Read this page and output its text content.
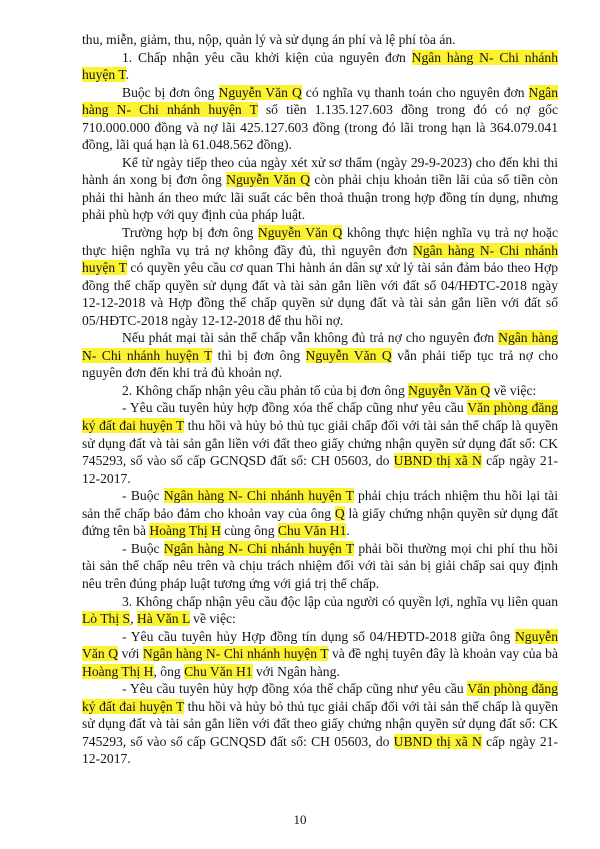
thu, miễn, giảm, thu, nộp, quản lý và sử dụng án phí và lệ phí tòa án.

1. Chấp nhận yêu cầu khởi kiện của nguyên đơn Ngân hàng N- Chi nhánh huyện T.

Buộc bị đơn ông Nguyễn Văn Q có nghĩa vụ thanh toán cho nguyên đơn Ngân hàng N- Chi nhánh huyện T số tiền 1.135.127.603 đồng trong đó có nợ gốc 710.000.000 đồng và nợ lãi 425.127.603 đồng (trong đó lãi trong hạn là 364.079.041 đồng, lãi quá hạn là 61.048.562 đồng).

Kể từ ngày tiếp theo của ngày xét xử sơ thẩm (ngày 29-9-2023) cho đến khi thi hành án xong bị đơn ông Nguyễn Văn Q còn phải chịu khoản tiền lãi của số tiền còn phải thi hành án theo mức lãi suất các bên thoả thuận trong hợp đồng tín dụng, nhưng phải phù hợp với quy định của pháp luật.

Trường hợp bị đơn ông Nguyễn Văn Q không thực hiện nghĩa vụ trả nợ hoặc thực hiện nghĩa vụ trả nợ không đầy đủ, thì nguyên đơn Ngân hàng N- Chi nhánh huyện T có quyền yêu cầu cơ quan Thi hành án dân sự xử lý tài sản đảm bảo theo Hợp đồng thế chấp quyền sử dụng đất và tài sản gắn liền với đất số 04/HĐTC-2018 ngày 12-12-2018 và Hợp đồng thế chấp quyền sử dụng đất và tài sản gắn liền với đất số 05/HĐTC-2018 ngày 12-12-2018 để thu hồi nợ.

Nếu phát mại tài sản thế chấp vẫn không đủ trả nợ cho nguyên đơn Ngân hàng N- Chi nhánh huyện T thì bị đơn ông Nguyễn Văn Q vẫn phải tiếp tục trả nợ cho nguyên đơn đến khi trả đủ khoản nợ.

2. Không chấp nhận yêu cầu phản tố của bị đơn ông Nguyễn Văn Q về việc:

- Yêu cầu tuyên hủy hợp đồng xóa thế chấp cũng như yêu cầu Văn phòng đăng ký đất đai huyện T thu hồi và hủy bỏ thủ tục giải chấp đối với tài sản thế chấp là quyền sử dụng đất và tài sản gắn liền với đất theo giấy chứng nhận quyền sử dụng đất số: CK 745293, số vào số cấp GCNQSD đất số: CH 05603, do UBND thị xã N cấp ngày 21-12-2017.

- Buộc Ngân hàng N- Chi nhánh huyện T phải chịu trách nhiệm thu hồi lại tài sản thế chấp bảo đảm cho khoản vay của ông Q là giấy chứng nhận quyền sử dụng đất đứng tên bà Hoàng Thị H cùng ông Chu Văn H1.

- Buộc Ngân hàng N- Chi nhánh huyện T phải bồi thường mọi chi phí thu hồi tài sản thế chấp nêu trên và chịu trách nhiệm đối với tài sản bị giải chấp sai quy định nêu trên đúng pháp luật tương ứng với giá trị thế chấp.

3. Không chấp nhận yêu cầu độc lập của người có quyền lợi, nghĩa vụ liên quan Lò Thị S, Hà Văn L về việc:

- Yêu cầu tuyên hủy Hợp đồng tín dụng số 04/HĐTD-2018 giữa ông Nguyễn Văn Q với Ngân hàng N- Chi nhánh huyện T và đề nghị tuyên đây là khoản vay của bà Hoàng Thị H, ông Chu Văn H1 với Ngân hàng.

- Yêu cầu tuyên hủy hợp đồng xóa thế chấp cũng như yêu cầu Văn phòng đăng ký đất đai huyện T thu hồi và hủy bỏ thủ tục giải chấp đối với tài sản thế chấp là quyền sử dụng đất và tài sản gắn liền với đất theo giấy chứng nhận quyền sử dụng đất số: CK 745293, số vào số cấp GCNQSD đất số: CH 05603, do UBND thị xã N cấp ngày 21-12-2017.

10
